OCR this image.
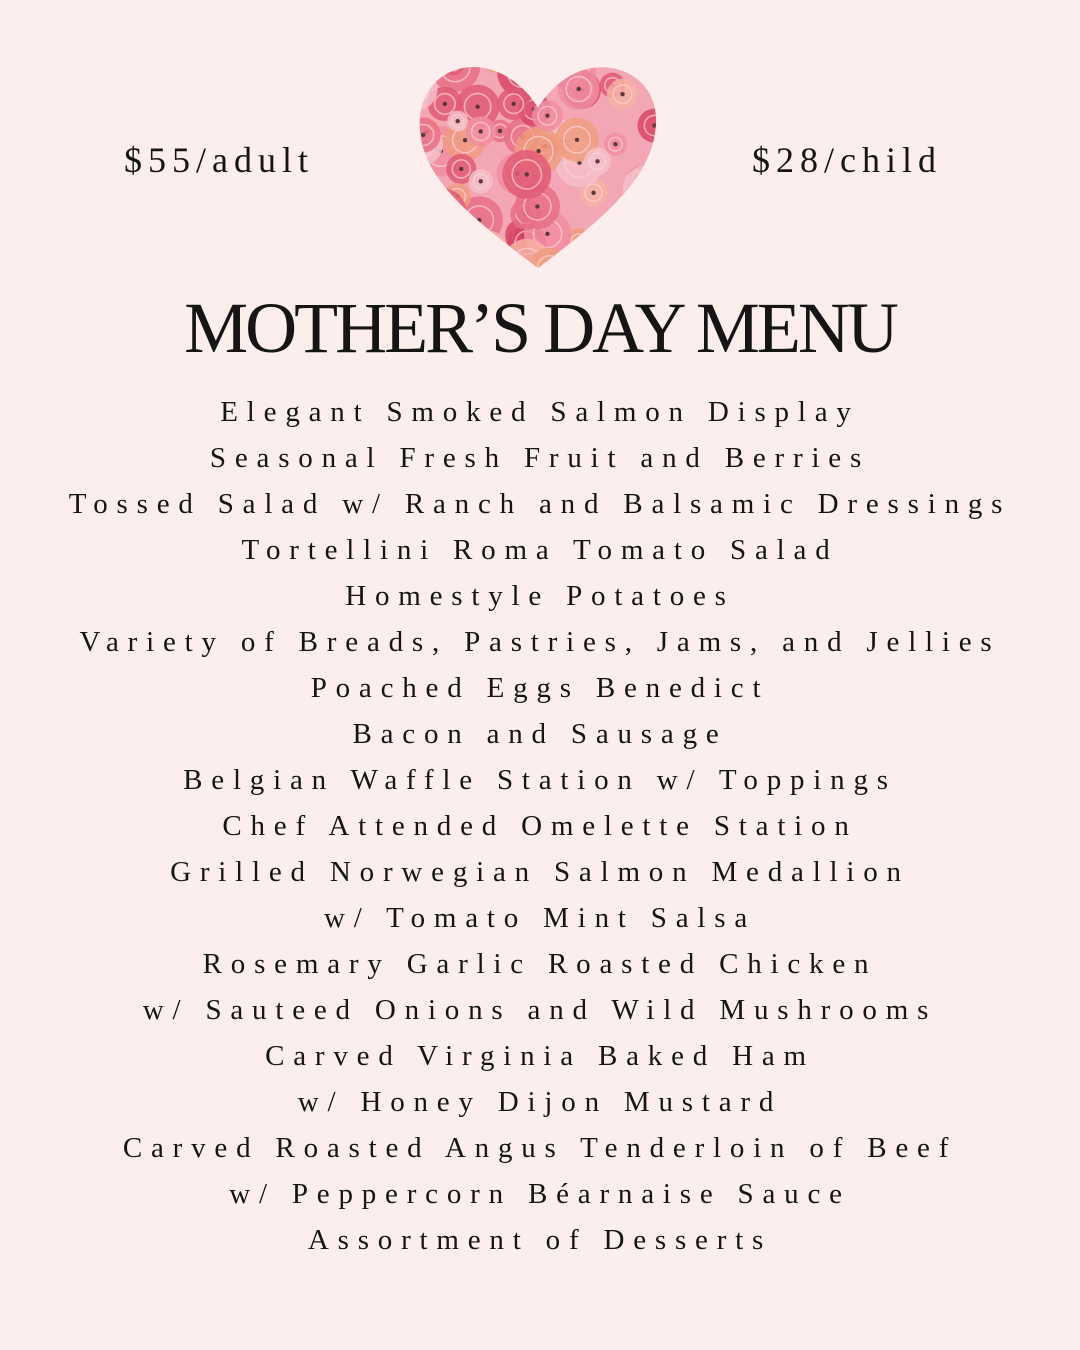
$55/adult	$28/child
MOTHER’S DAY MENU
Elegant Smoked Salmon Display
Seasonal Fresh Fruit and Berries
Tossed Salad w/ Ranch and Balsamic Dressings
Tortellini Roma Tomato Salad
Homestyle Potatoes
Variety of Breads, Pastries, Jams, and Jellies
Poached Eggs Benedict
Bacon and Sausage
Belgian Waffle Station w/ Toppings
Chef Attended Omelette Station
Grilled Norwegian Salmon Medallion
w/ Tomato Mint Salsa
Rosemary Garlic Roasted Chicken
w/ Sauteed Onions and Wild Mushrooms
Carved Virginia Baked Ham
w/ Honey Dijon Mustard
Carved Roasted Angus Tenderloin of Beef
w/ Peppercorn Béarnaise Sauce
Assortment of Desserts
